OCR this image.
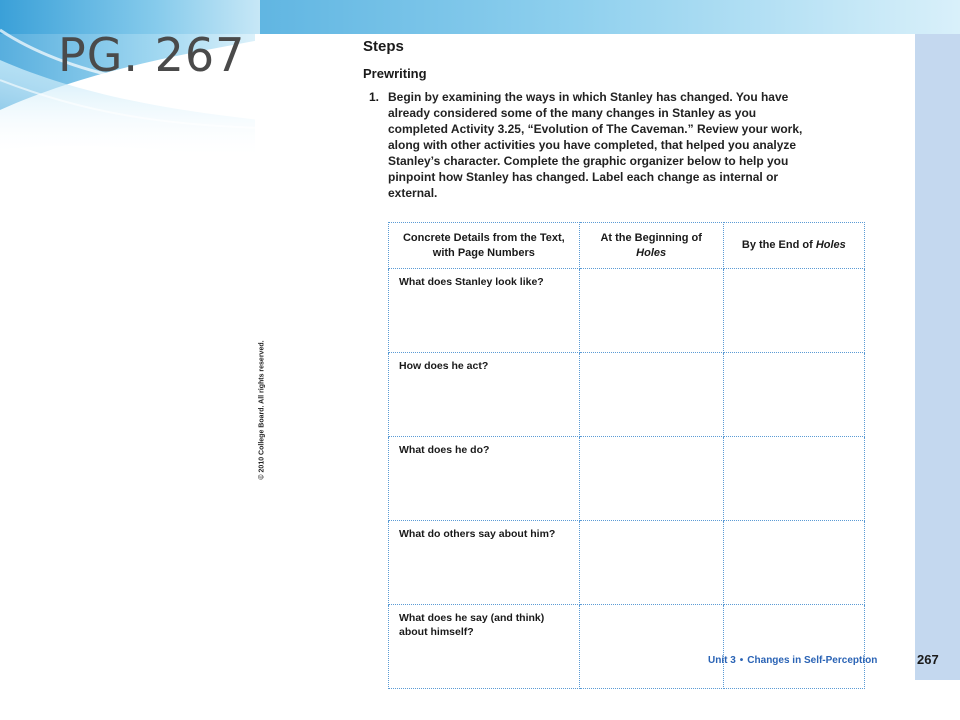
PG. 267
© 2010 College Board. All rights reserved.
Steps
Prewriting
1. Begin by examining the ways in which Stanley has changed. You have already considered some of the many changes in Stanley as you completed Activity 3.25, “Evolution of The Caveman.” Review your work, along with other activities you have completed, that helped you analyze Stanley’s character. Complete the graphic organizer below to help you pinpoint how Stanley has changed. Label each change as internal or external.

Concrete Details from the Text, with Page Numbers	At the Beginning of Holes	By the End of Holes
What does Stanley look like?		
How does he act?		
What does he do?		
What do others say about him?		
What does he say (and think) about himself?		
Unit 3 • Changes in Self-Perception	267
